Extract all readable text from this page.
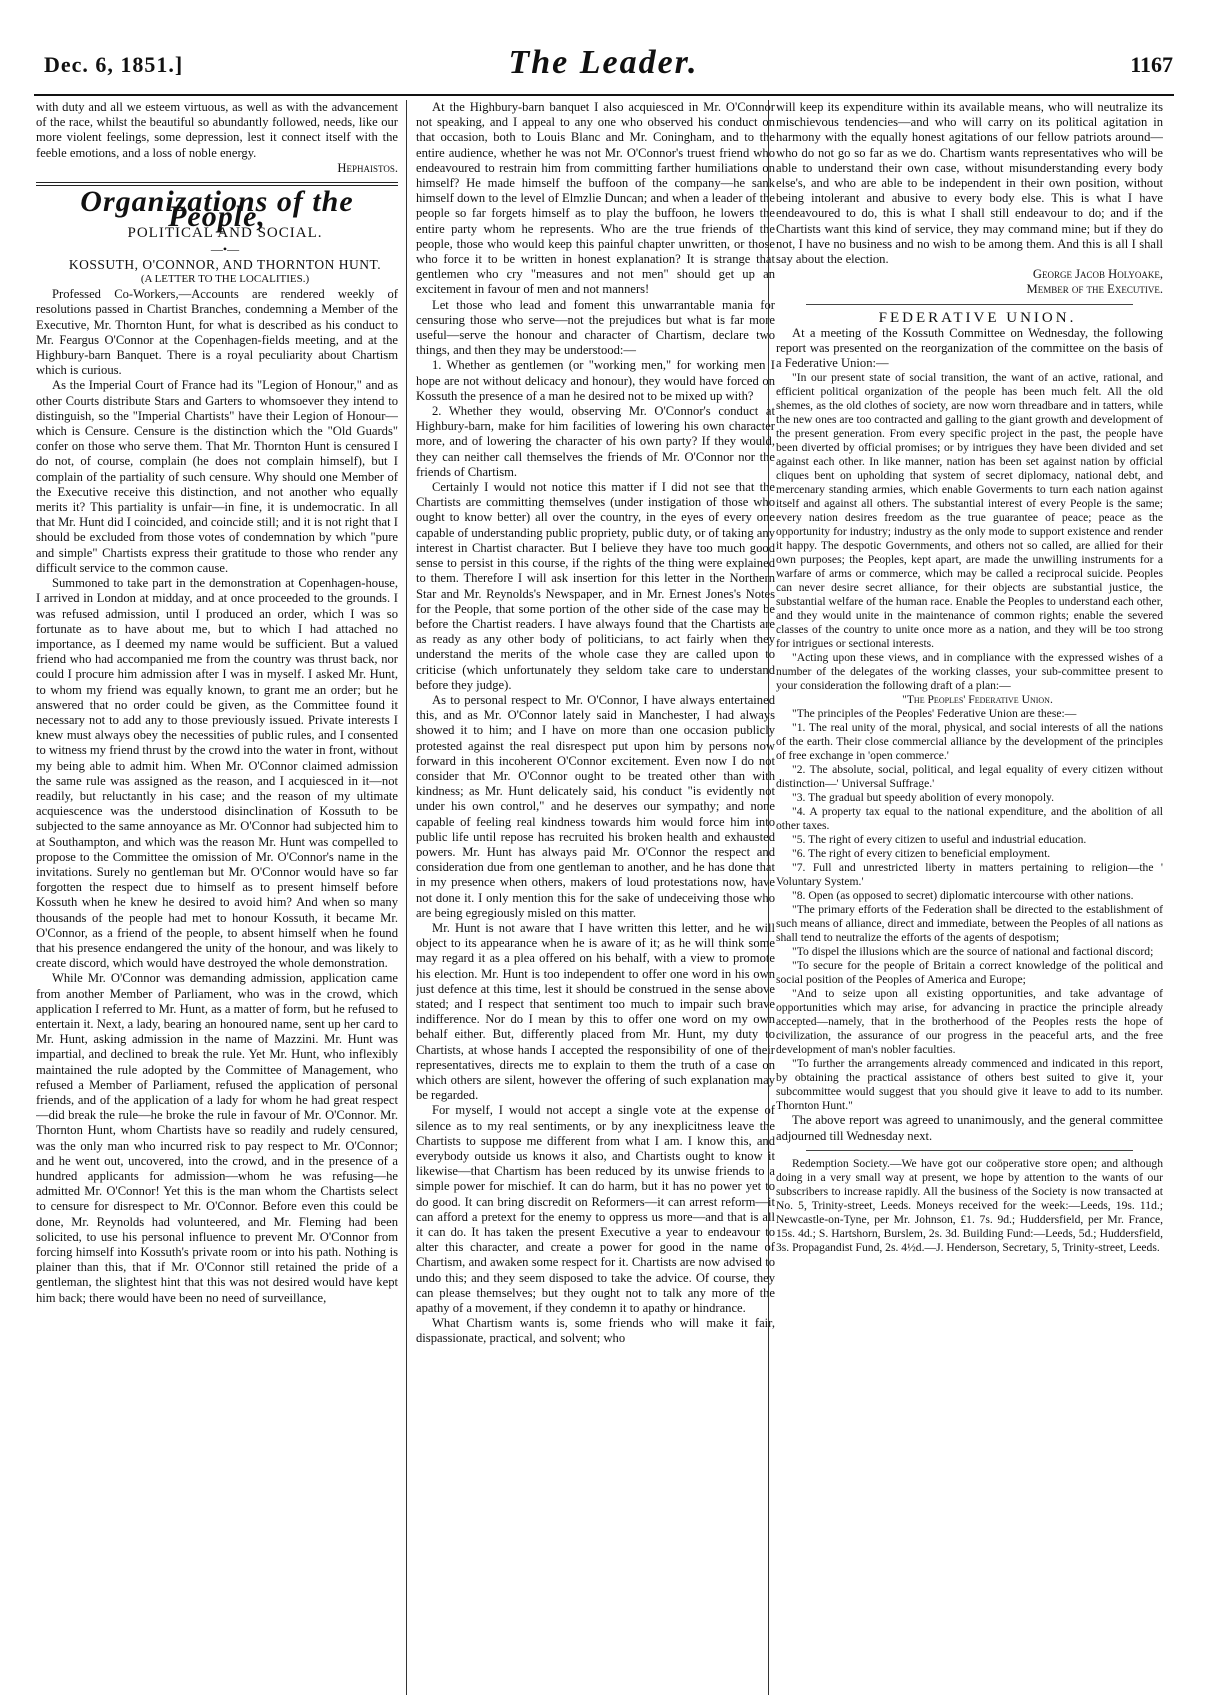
Dec. 6, 1851.]	The Leader.	1167

with duty and all we esteem virtuous, as well as with the advancement of the race, whilst the beautiful so abundantly followed, needs, like our more violent feelings, some depression, lest it connect itself with the feeble emotions, and a loss of noble energy.

Hephaistos.

Organizations of the People,

POLITICAL AND SOCIAL.

—•—

KOSSUTH, O'CONNOR, AND THORNTON HUNT.

(A LETTER TO THE LOCALITIES.)

Professed Co-Workers,—Accounts are rendered weekly of resolutions passed in Chartist Branches, condemning a Member of the Executive, Mr. Thornton Hunt, for what is described as his conduct to Mr. Feargus O'Connor at the Copenhagen-fields meeting, and at the Highbury-barn Banquet. There is a royal peculiarity about Chartism which is curious.

As the Imperial Court of France had its "Legion of Honour," and as other Courts distribute Stars and Garters to whomsoever they intend to distinguish, so the "Imperial Chartists" have their Legion of Honour—which is Censure. Censure is the distinction which the "Old Guards" confer on those who serve them. That Mr. Thornton Hunt is censured I do not, of course, complain (he does not complain himself), but I complain of the partiality of such censure. Why should one Member of the Executive receive this distinction, and not another who equally merits it? This partiality is unfair—in fine, it is undemocratic. In all that Mr. Hunt did I coincided, and coincide still; and it is not right that I should be excluded from those votes of condemnation by which "pure and simple" Chartists express their gratitude to those who render any difficult service to the common cause.

Summoned to take part in the demonstration at Copenhagen-house, I arrived in London at midday, and at once proceeded to the grounds. I was refused admission, until I produced an order, which I was so fortunate as to have about me, but to which I had attached no importance, as I deemed my name would be sufficient. But a valued friend who had accompanied me from the country was thrust back, nor could I procure him admission after I was in myself. I asked Mr. Hunt, to whom my friend was equally known, to grant me an order; but he answered that no order could be given, as the Committee found it necessary not to add any to those previously issued. Private interests I knew must always obey the necessities of public rules, and I consented to witness my friend thrust by the crowd into the water in front, without my being able to admit him. When Mr. O'Connor claimed admission the same rule was assigned as the reason, and I acquiesced in it—not readily, but reluctantly in his case; and the reason of my ultimate acquiescence was the understood disinclination of Kossuth to be subjected to the same annoyance as Mr. O'Connor had subjected him to at Southampton, and which was the reason Mr. Hunt was compelled to propose to the Committee the omission of Mr. O'Connor's name in the invitations. Surely no gentleman but Mr. O'Connor would have so far forgotten the respect due to himself as to present himself before Kossuth when he knew he desired to avoid him? And when so many thousands of the people had met to honour Kossuth, it became Mr. O'Connor, as a friend of the people, to absent himself when he found that his presence endangered the unity of the honour, and was likely to create discord, which would have destroyed the whole demonstration.

While Mr. O'Connor was demanding admission, application came from another Member of Parliament, who was in the crowd, which application I referred to Mr. Hunt, as a matter of form, but he refused to entertain it. Next, a lady, bearing an honoured name, sent up her card to Mr. Hunt, asking admission in the name of Mazzini. Mr. Hunt was impartial, and declined to break the rule. Yet Mr. Hunt, who inflexibly maintained the rule adopted by the Committee of Management, who refused a Member of Parliament, refused the application of personal friends, and of the application of a lady for whom he had great respect—did break the rule—he broke the rule in favour of Mr. O'Connor. Mr. Thornton Hunt, whom Chartists have so readily and rudely censured, was the only man who incurred risk to pay respect to Mr. O'Connor; and he went out, uncovered, into the crowd, and in the presence of a hundred applicants for admission—whom he was refusing—he admitted Mr. O'Connor! Yet this is the man whom the Chartists select to censure for disrespect to Mr. O'Connor. Before even this could be done, Mr. Reynolds had volunteered, and Mr. Fleming had been solicited, to use his personal influence to prevent Mr. O'Connor from forcing himself into Kossuth's private room or into his path. Nothing is plainer than this, that if Mr. O'Connor still retained the pride of a gentleman, the slightest hint that this was not desired would have kept him back; there would have been no need of surveillance,

At the Highbury-barn banquet I also acquiesced in Mr. O'Connor not speaking, and I appeal to any one who observed his conduct on that occasion, both to Louis Blanc and Mr. Coningham, and to the entire audience, whether he was not Mr. O'Connor's truest friend who endeavoured to restrain him from committing farther humiliations on himself? He made himself the buffoon of the company—he sank himself down to the level of Elmzlie Duncan; and when a leader of the people so far forgets himself as to play the buffoon, he lowers the entire party whom he represents. Who are the true friends of the people, those who would keep this painful chapter unwritten, or those who force it to be written in honest explanation? It is strange that gentlemen who cry "measures and not men" should get up an excitement in favour of men and not manners!

Let those who lead and foment this unwarrantable mania for censuring those who serve—not the prejudices but what is far more useful—serve the honour and character of Chartism, declare two things, and then they may be understood:—

1. Whether as gentlemen (or "working men," for working men I hope are not without delicacy and honour), they would have forced on Kossuth the presence of a man he desired not to be mixed up with?

2. Whether they would, observing Mr. O'Connor's conduct at Highbury-barn, make for him facilities of lowering his own character more, and of lowering the character of his own party? If they would, they can neither call themselves the friends of Mr. O'Connor nor the friends of Chartism.

Certainly I would not notice this matter if I did not see that the Chartists are committing themselves (under instigation of those who ought to know better) all over the country, in the eyes of every one capable of understanding public propriety, public duty, or of taking any interest in Chartist character. But I believe they have too much good sense to persist in this course, if the rights of the thing were explained to them. Therefore I will ask insertion for this letter in the Northern Star and Mr. Reynolds's Newspaper, and in Mr. Ernest Jones's Notes for the People, that some portion of the other side of the case may be before the Chartist readers. I have always found that the Chartists are as ready as any other body of politicians, to act fairly when they understand the merits of the whole case they are called upon to criticise (which unfortunately they seldom take care to understand before they judge).

As to personal respect to Mr. O'Connor, I have always entertained this, and as Mr. O'Connor lately said in Manchester, I had always showed it to him; and I have on more than one occasion publicly protested against the real disrespect put upon him by persons now forward in this incoherent O'Connor excitement. Even now I do not consider that Mr. O'Connor ought to be treated other than with kindness; as Mr. Hunt delicately said, his conduct "is evidently not under his own control," and he deserves our sympathy; and none capable of feeling real kindness towards him would force him into public life until repose has recruited his broken health and exhausted powers. Mr. Hunt has always paid Mr. O'Connor the respect and consideration due from one gentleman to another, and he has done that in my presence when others, makers of loud protestations now, have not done it. I only mention this for the sake of undeceiving those who are being egregiously misled on this matter.

Mr. Hunt is not aware that I have written this letter, and he will object to its appearance when he is aware of it; as he will think some may regard it as a plea offered on his behalf, with a view to promote his election. Mr. Hunt is too independent to offer one word in his own just defence at this time, lest it should be construed in the sense above stated; and I respect that sentiment too much to impair such brave indifference. Nor do I mean by this to offer one word on my own behalf either. But, differently placed from Mr. Hunt, my duty to Chartists, at whose hands I accepted the responsibility of one of their representatives, directs me to explain to them the truth of a case on which others are silent, however the offering of such explanation may be regarded.

For myself, I would not accept a single vote at the expense of silence as to my real sentiments, or by any inexplicitness leave the Chartists to suppose me different from what I am. I know this, and everybody outside us knows it also, and Chartists ought to know it likewise—that Chartism has been reduced by its unwise friends to a simple power for mischief. It can do harm, but it has no power yet to do good. It can bring discredit on Reformers—it can arrest reform—it can afford a pretext for the enemy to oppress us more—and that is all it can do. It has taken the present Executive a year to endeavour to alter this character, and create a power for good in the name of Chartism, and awaken some respect for it. Chartists are now advised to undo this; and they seem disposed to take the advice. Of course, they can please themselves; but they ought not to talk any more of the apathy of a movement, if they condemn it to apathy or hindrance.

What Chartism wants is, some friends who will make it fair, dispassionate, practical, and solvent; who

will keep its expenditure within its available means, who will neutralize its mischievous tendencies—and who will carry on its political agitation in harmony with the equally honest agitations of our fellow patriots around—who do not go so far as we do. Chartism wants representatives who will be able to understand their own case, without misunderstanding every body else's, and who are able to be independent in their own position, without being intolerant and abusive to every body else. This is what I have endeavoured to do, this is what I shall still endeavour to do; and if the Chartists want this kind of service, they may command mine; but if they do not, I have no business and no wish to be among them. And this is all I shall say about the election.

George Jacob Holyoake,

Member of the Executive.

FEDERATIVE UNION.

At a meeting of the Kossuth Committee on Wednesday, the following report was presented on the reorganization of the committee on the basis of a Federative Union:—

"In our present state of social transition, the want of an active, rational, and efficient political organization of the people has been much felt. All the old shemes, as the old clothes of society, are now worn threadbare and in tatters, while the new ones are too contracted and galling to the giant growth and development of the present generation. From every specific project in the past, the people have been diverted by official promises; or by intrigues they have been divided and set against each other. In like manner, nation has been set against nation by official cliques bent on upholding that system of secret diplomacy, national debt, and mercenary standing armies, which enable Goverments to turn each nation against itself and against all others. The substantial interest of every People is the same; every nation desires freedom as the true guarantee of peace; peace as the opportunity for industry; industry as the only mode to support existence and render it happy. The despotic Governments, and others not so called, are allied for their own purposes; the Peoples, kept apart, are made the unwilling instruments for a warfare of arms or commerce, which may be called a reciprocal suicide. Peoples can never desire secret alliance, for their objects are substantial justice, the substantial welfare of the human race. Enable the Peoples to understand each other, and they would unite in the maintenance of common rights; enable the severed classes of the country to unite once more as a nation, and they will be too strong for intrigues or sectional interests.

"Acting upon these views, and in compliance with the expressed wishes of a number of the delegates of the working classes, your sub-committee present to your consideration the following draft of a plan:—

"The Peoples' Federative Union.

"The principles of the Peoples' Federative Union are these:—

"1. The real unity of the moral, physical, and social interests of all the nations of the earth. Their close commercial alliance by the development of the principles of free exchange in 'open commerce.'

"2. The absolute, social, political, and legal equality of every citizen without distinction—' Universal Suffrage.'

"3. The gradual but speedy abolition of every monopoly.

"4. A property tax equal to the national expenditure, and the abolition of all other taxes.

"5. The right of every citizen to useful and industrial education.

"6. The right of every citizen to beneficial employment.

"7. Full and unrestricted liberty in matters pertaining to religion—the ' Voluntary System.'

"8. Open (as opposed to secret) diplomatic intercourse with other nations.

"The primary efforts of the Federation shall be directed to the establishment of such means of alliance, direct and immediate, between the Peoples of all nations as shall tend to neutralize the efforts of the agents of despotism;

"To dispel the illusions which are the source of national and factional discord;

"To secure for the people of Britain a correct knowledge of the political and social position of the Peoples of America and Europe;

"And to seize upon all existing opportunities, and take advantage of opportunities which may arise, for advancing in practice the principle already accepted—namely, that in the brotherhood of the Peoples rests the hope of civilization, the assurance of our progress in the peaceful arts, and the free development of man's nobler faculties.

"To further the arrangements already commenced and indicated in this report, by obtaining the practical assistance of others best suited to give it, your subcommittee would suggest that you should give it leave to add to its number. Thornton Hunt."

The above report was agreed to unanimously, and the general committee adjourned till Wednesday next.

Redemption Society.—We have got our coöperative store open; and although doing in a very small way at present, we hope by attention to the wants of our subscribers to increase rapidly. All the business of the Society is now transacted at No. 5, Trinity-street, Leeds. Moneys received for the week:—Leeds, 19s. 11d.; Newcastle-on-Tyne, per Mr. Johnson, £1. 7s. 9d.; Huddersfield, per Mr. France, 15s. 4d.; S. Hartshorn, Burslem, 2s. 3d. Building Fund:—Leeds, 5d.; Huddersfield, 3s. Propagandist Fund, 2s. 4½d.—J. Henderson, Secretary, 5, Trinity-street, Leeds.
